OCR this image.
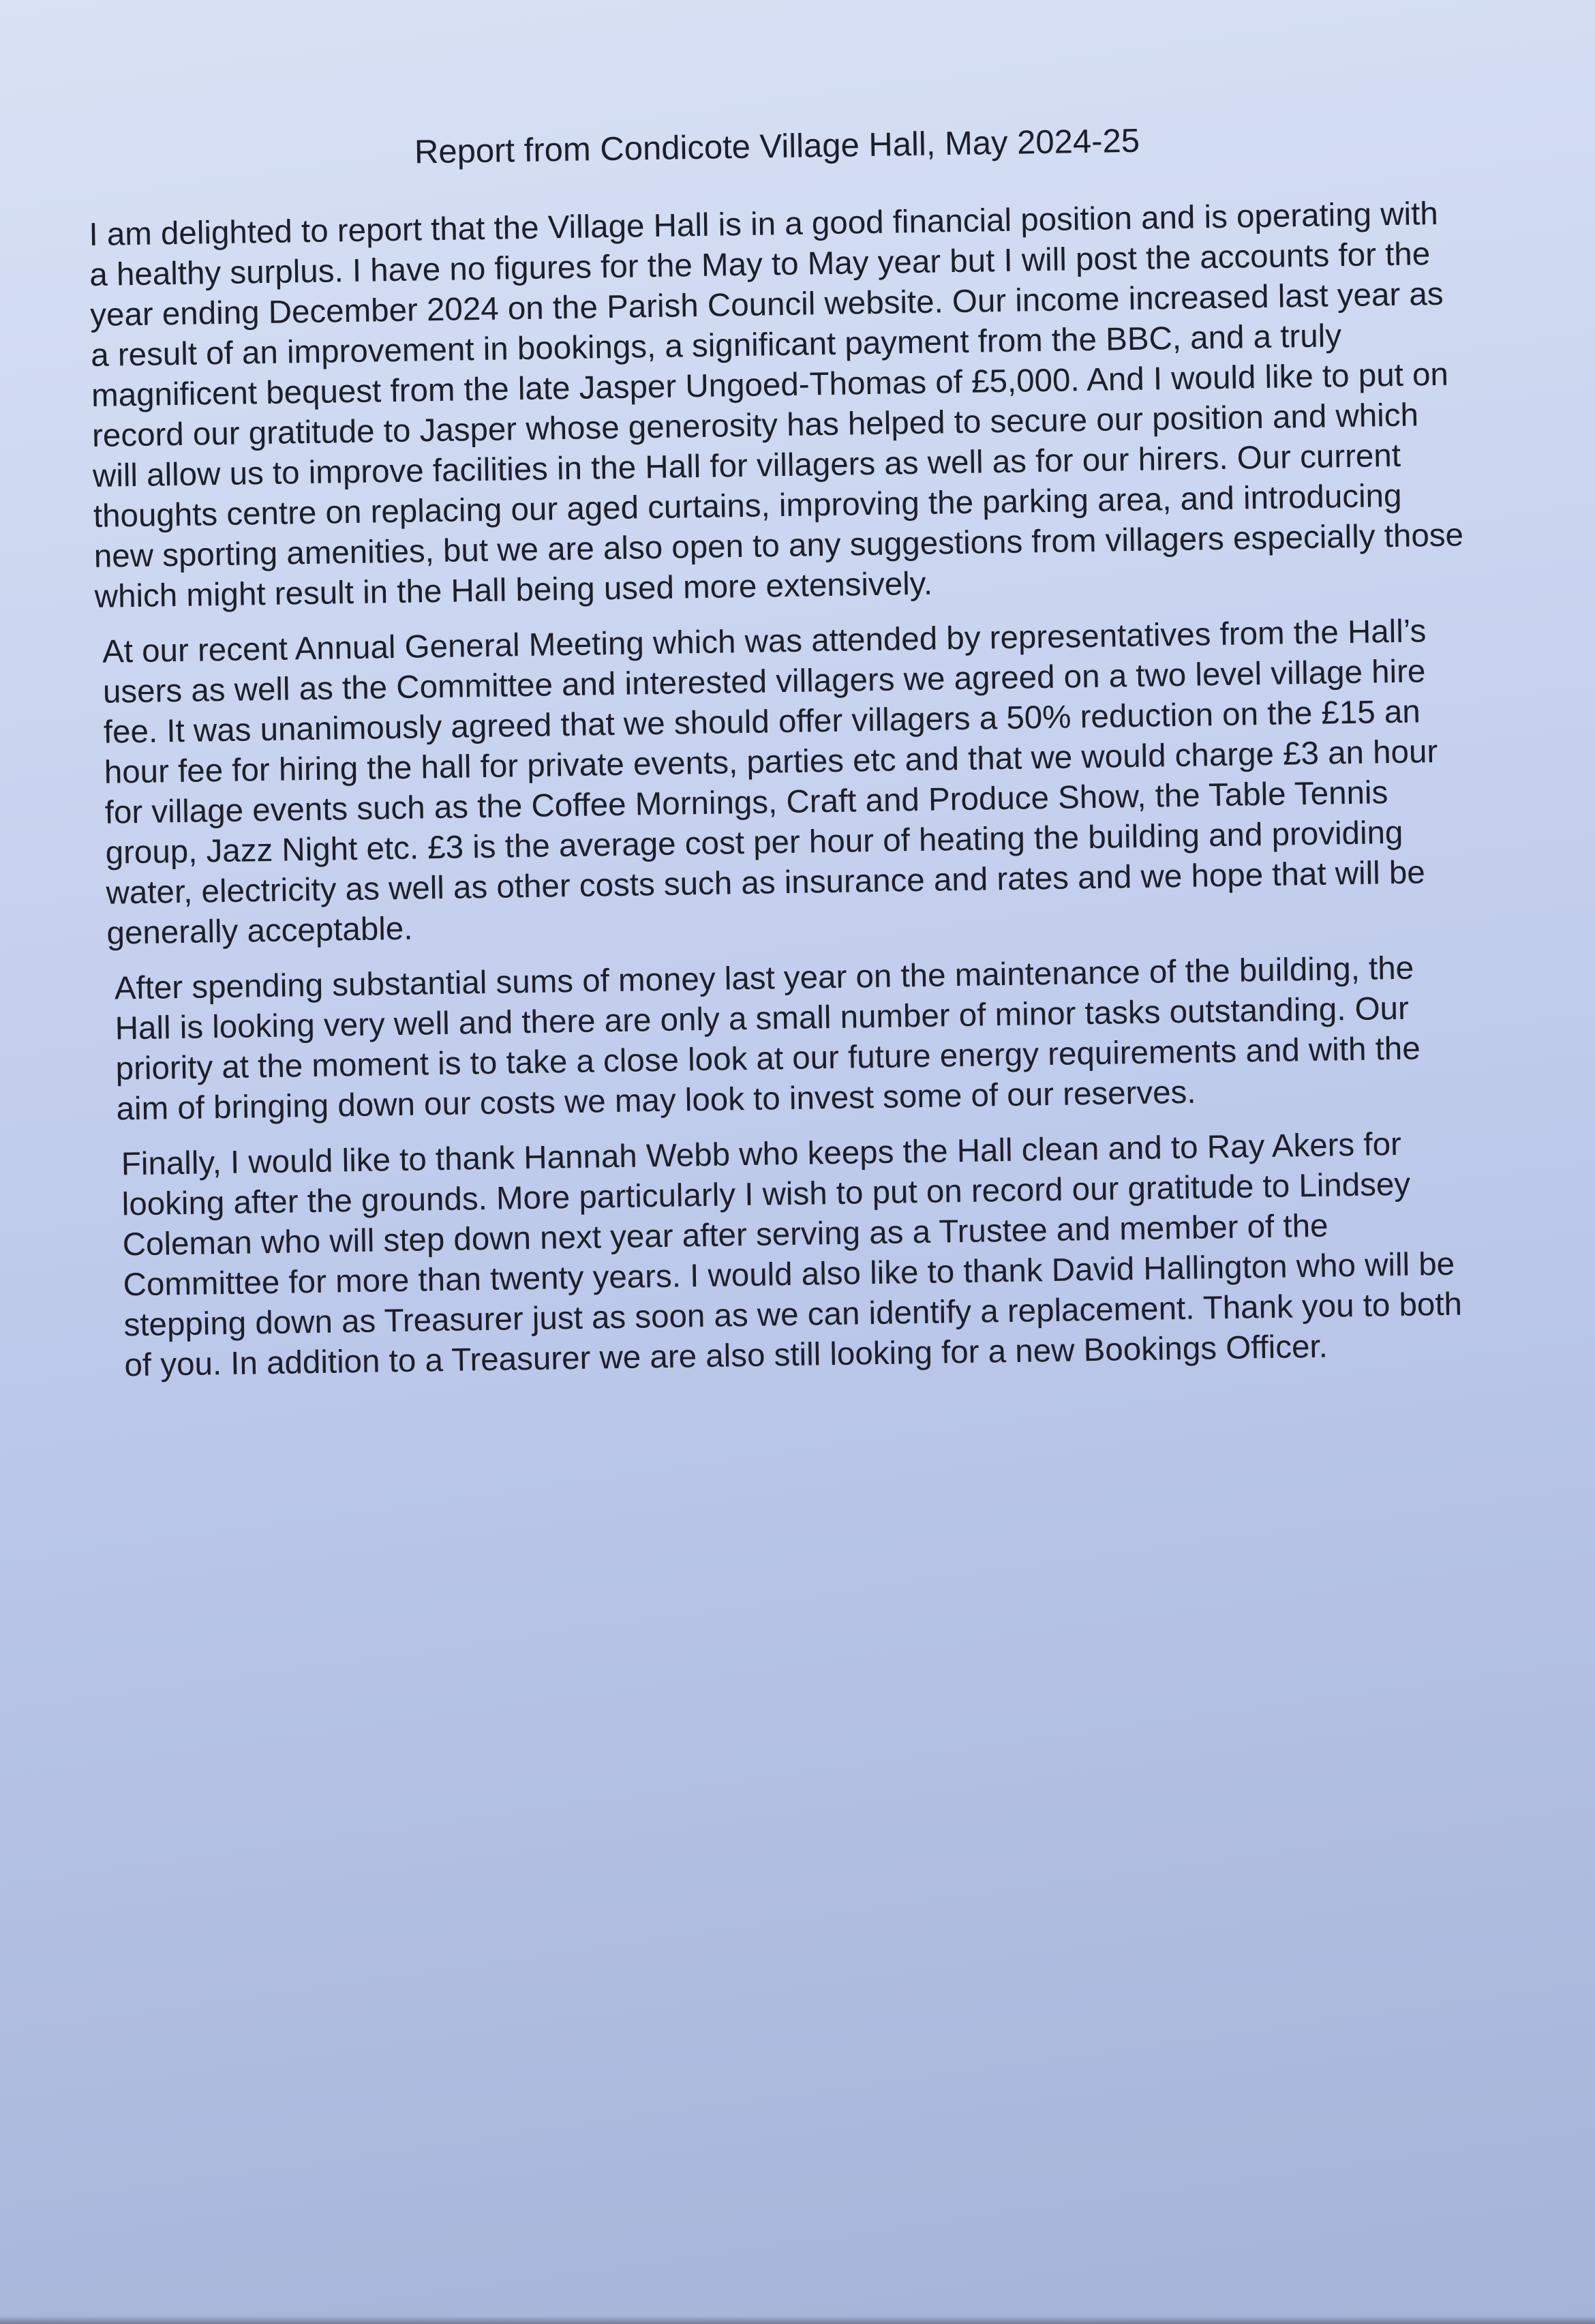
Report from Condicote Village Hall, May 2024-25

I am delighted to report that the Village Hall is in a good financial position and is operating with a healthy surplus. I have no figures for the May to May year but I will post the accounts for the year ending December 2024 on the Parish Council website. Our income increased last year as a result of an improvement in bookings, a significant payment from the BBC, and a truly magnificent bequest from the late Jasper Ungoed-Thomas of £5,000. And I would like to put on record our gratitude to Jasper whose generosity has helped to secure our position and which will allow us to improve facilities in the Hall for villagers as well as for our hirers. Our current thoughts centre on replacing our aged curtains, improving the parking area, and introducing new sporting amenities, but we are also open to any suggestions from villagers especially those which might result in the Hall being used more extensively.

At our recent Annual General Meeting which was attended by representatives from the Hall’s users as well as the Committee and interested villagers we agreed on a two level village hire fee. It was unanimously agreed that we should offer villagers a 50% reduction on the £15 an hour fee for hiring the hall for private events, parties etc and that we would charge £3 an hour for village events such as the Coffee Mornings, Craft and Produce Show, the Table Tennis group, Jazz Night etc. £3 is the average cost per hour of heating the building and providing water, electricity as well as other costs such as insurance and rates and we hope that will be generally acceptable.

After spending substantial sums of money last year on the maintenance of the building, the Hall is looking very well and there are only a small number of minor tasks outstanding. Our priority at the moment is to take a close look at our future energy requirements and with the aim of bringing down our costs we may look to invest some of our reserves.

Finally, I would like to thank Hannah Webb who keeps the Hall clean and to Ray Akers for looking after the grounds. More particularly I wish to put on record our gratitude to Lindsey Coleman who will step down next year after serving as a Trustee and member of the Committee for more than twenty years. I would also like to thank David Hallington who will be stepping down as Treasurer just as soon as we can identify a replacement. Thank you to both of you. In addition to a Treasurer we are also still looking for a new Bookings Officer.
